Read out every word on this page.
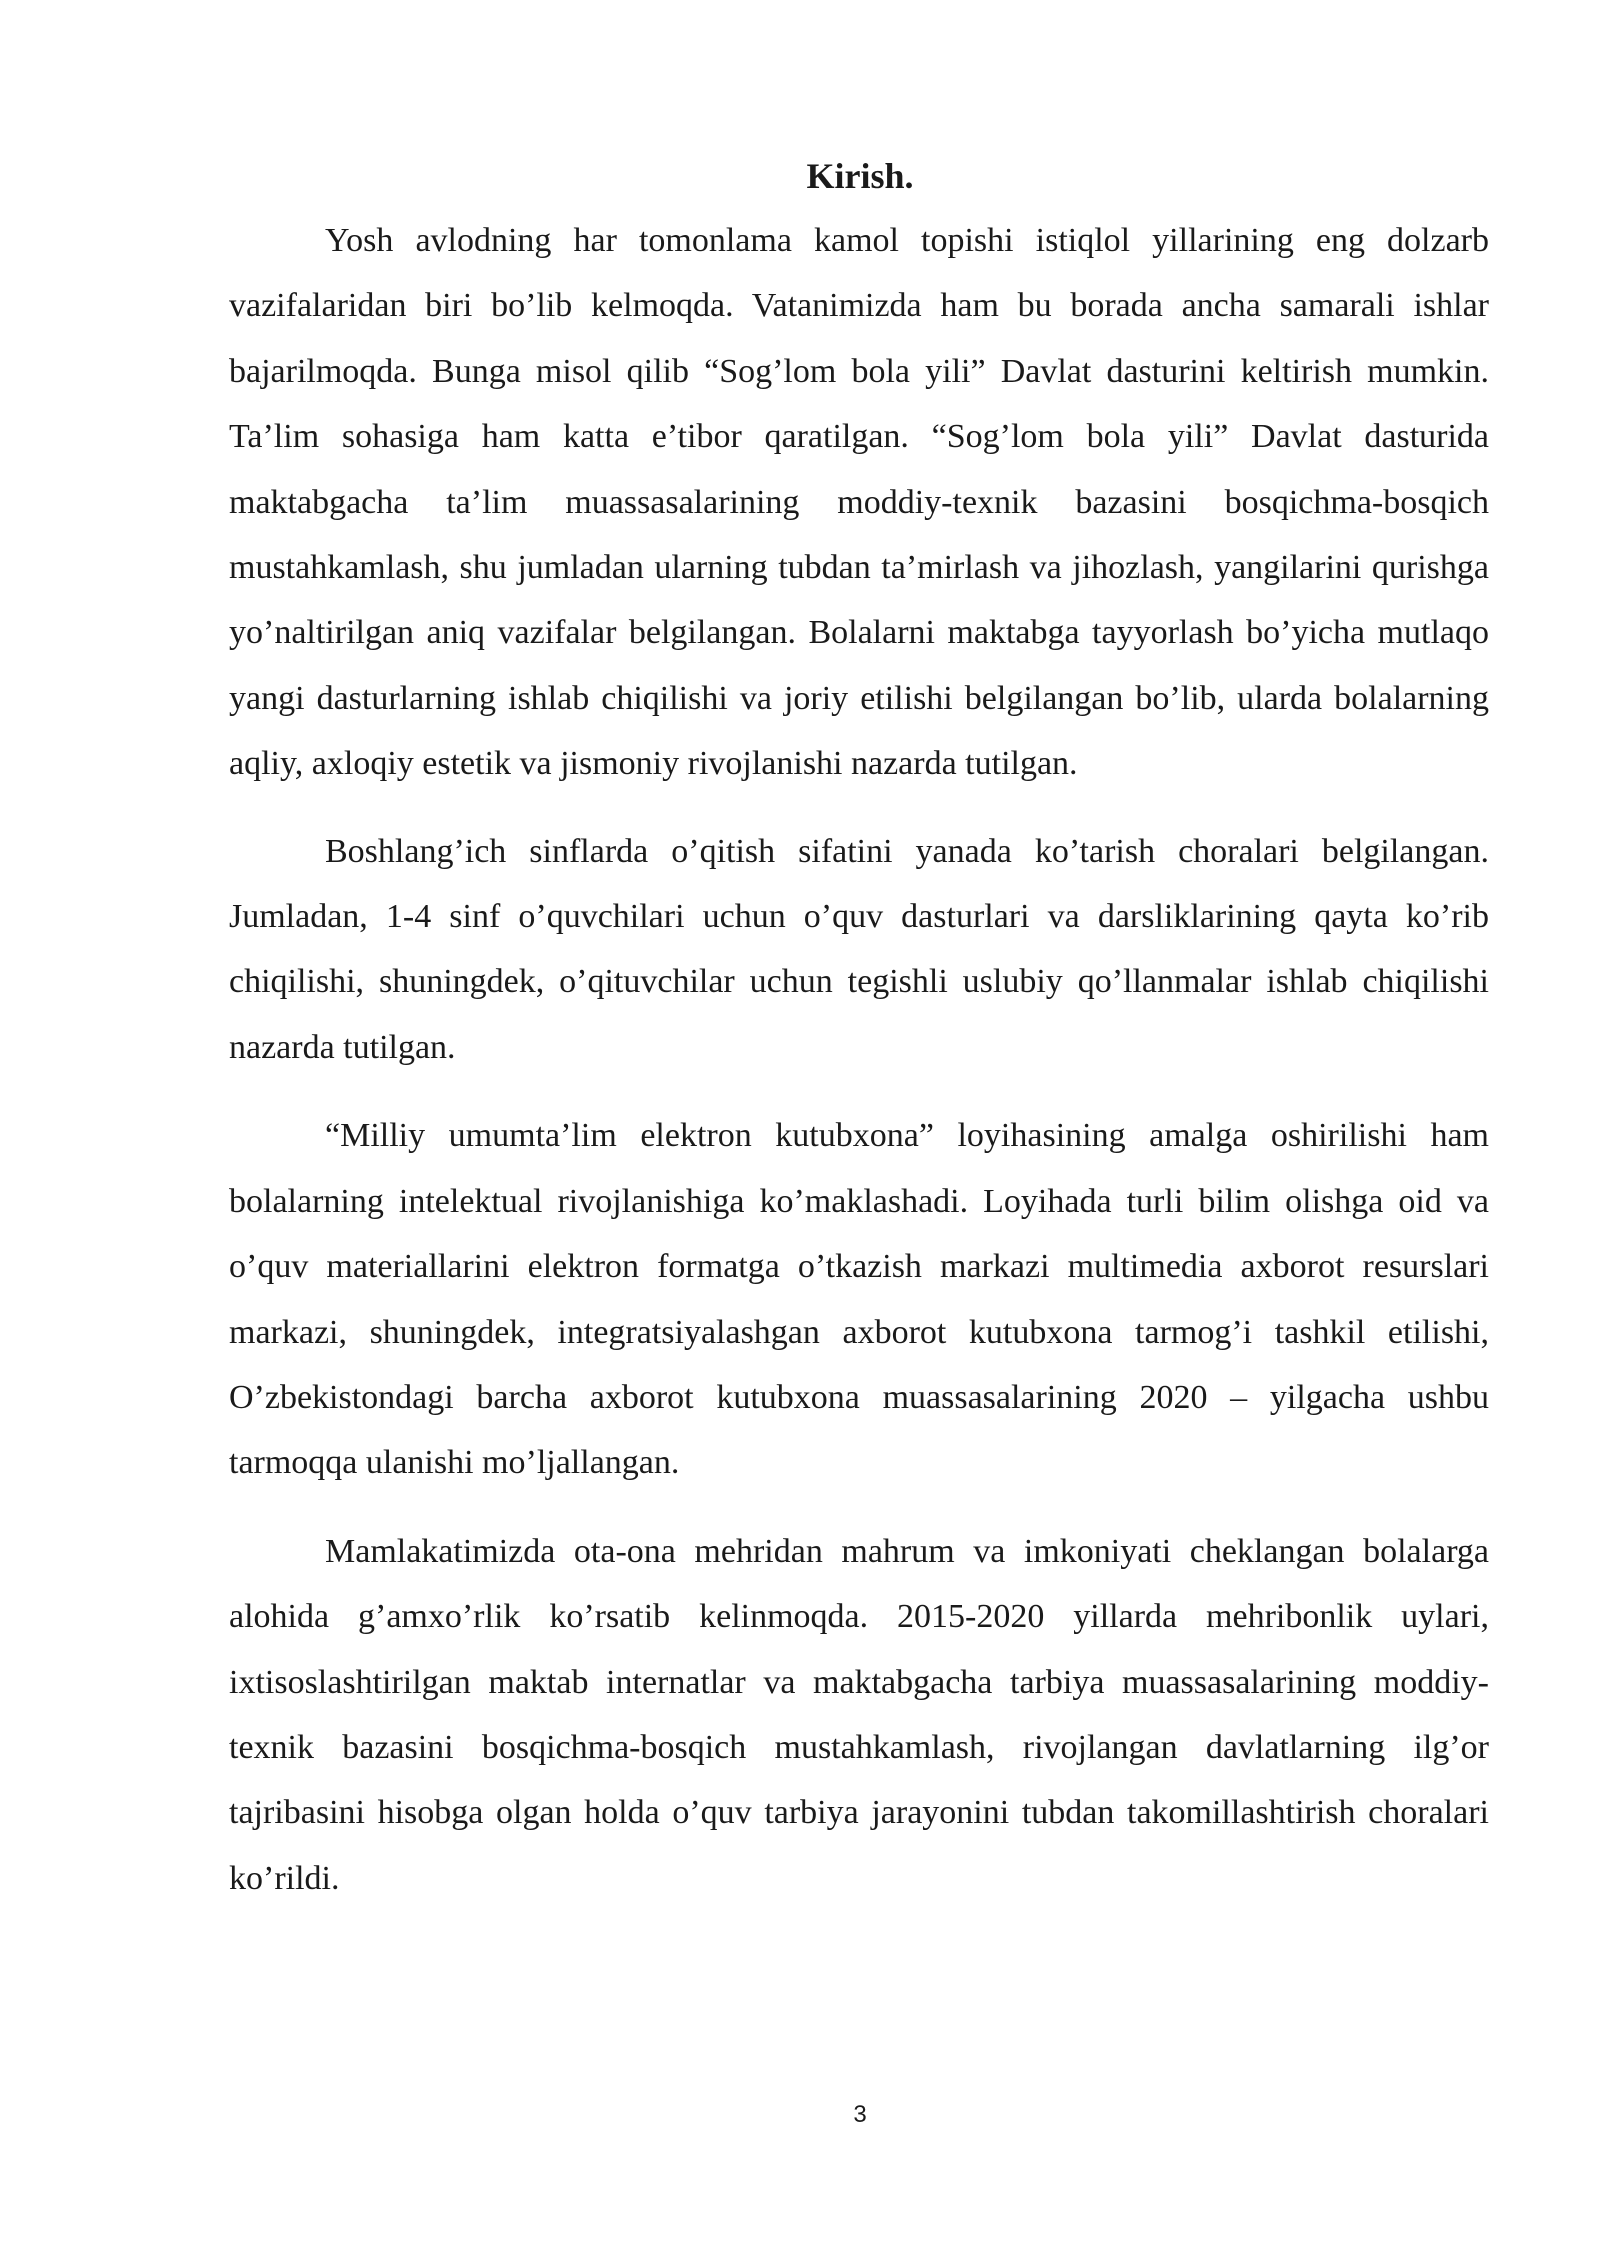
Kirish.

Yosh avlodning har tomonlama kamol topishi istiqlol yillarining eng dolzarb vazifalaridan biri bo’lib kelmoqda. Vatanimizda ham bu borada ancha samarali ishlar bajarilmoqda. Bunga misol qilib “Sog’lom bola yili” Davlat dasturini keltirish mumkin. Ta’lim sohasiga ham katta e’tibor qaratilgan. “Sog’lom bola yili” Davlat dasturida maktabgacha ta’lim muassasalarining moddiy-texnik bazasini bosqichma-bosqich mustahkamlash, shu jumladan ularning tubdan ta’mirlash va jihozlash, yangilarini qurishga yo’naltirilgan aniq vazifalar belgilangan. Bolalarni maktabga tayyorlash bo’yicha mutlaqo yangi dasturlarning ishlab chiqilishi va joriy etilishi belgilangan bo’lib, ularda bolalarning aqliy, axloqiy estetik va jismoniy rivojlanishi nazarda tutilgan.

Boshlang’ich sinflarda o’qitish sifatini yanada ko’tarish choralari belgilangan. Jumladan, 1-4 sinf o’quvchilari uchun o’quv dasturlari va darsliklarining qayta ko’rib chiqilishi, shuningdek, o’qituvchilar uchun tegishli uslubiy qo’llanmalar ishlab chiqilishi nazarda tutilgan.

“Milliy umumta’lim elektron kutubxona” loyihasining amalga oshirilishi ham bolalarning intelektual rivojlanishiga ko’maklashadi. Loyihada turli bilim olishga oid va o’quv materiallarini elektron formatga o’tkazish markazi multimedia axborot resurslari markazi, shuningdek, integratsiyalashgan axborot kutubxona tarmog’i tashkil etilishi, O’zbekistondagi barcha axborot kutubxona muassasalarining 2020 – yilgacha ushbu tarmoqqa ulanishi mo’ljallangan.

Mamlakatimizda ota-ona mehridan mahrum va imkoniyati cheklangan bolalarga alohida g’amxo’rlik ko’rsatib kelinmoqda. 2015-2020 yillarda mehribonlik uylari, ixtisoslashtirilgan maktab internatlar va maktabgacha tarbiya muassasalarining moddiy-texnik bazasini bosqichma-bosqich mustahkamlash, rivojlangan davlatlarning ilg’or tajribasini hisobga olgan holda o’quv tarbiya jarayonini tubdan takomillashtirish choralari ko’rildi.

3
